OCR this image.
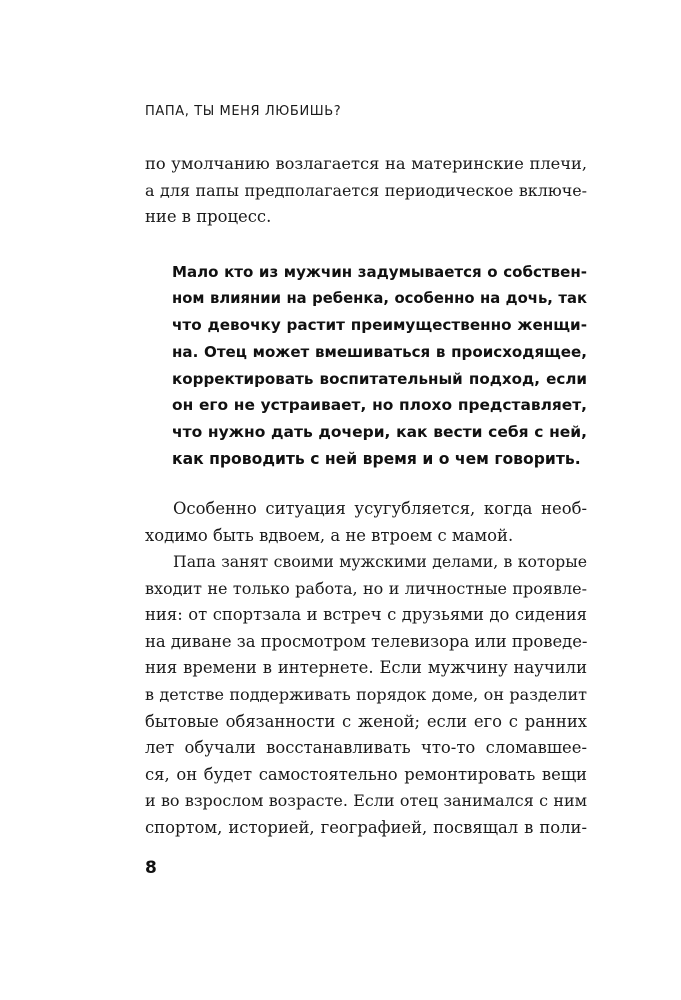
ПАПА, ТЫ МЕНЯ ЛЮБИШЬ?
по умолчанию возлагается на материнские плечи,
а для папы предполагается периодическое включе-
ние в процесс.
Мало кто из мужчин задумывается о собствен-
ном влиянии на ребенка, особенно на дочь, так
что девочку растит преимущественно женщи-
на. Отец может вмешиваться в происходящее,
корректировать воспитательный подход, если
он его не устраивает, но плохо представляет,
что нужно дать дочери, как вести себя с ней,
как проводить с ней время и о чем говорить.
Особенно ситуация усугубляется, когда необ-
ходимо быть вдвоем, а не втроем с мамой.
Папа занят своими мужскими делами, в которые
входит не только работа, но и личностные проявле-
ния: от спортзала и встреч с друзьями до сидения
на диване за просмотром телевизора или проведе-
ния времени в интернете. Если мужчину научили
в детстве поддерживать порядок доме, он разделит
бытовые обязанности с женой; если его с ранних
лет обучали восстанавливать что-то сломавшее-
ся, он будет самостоятельно ремонтировать вещи
и во взрослом возрасте. Если отец занимался с ним
спортом, историей, географией, посвящал в поли-
8
